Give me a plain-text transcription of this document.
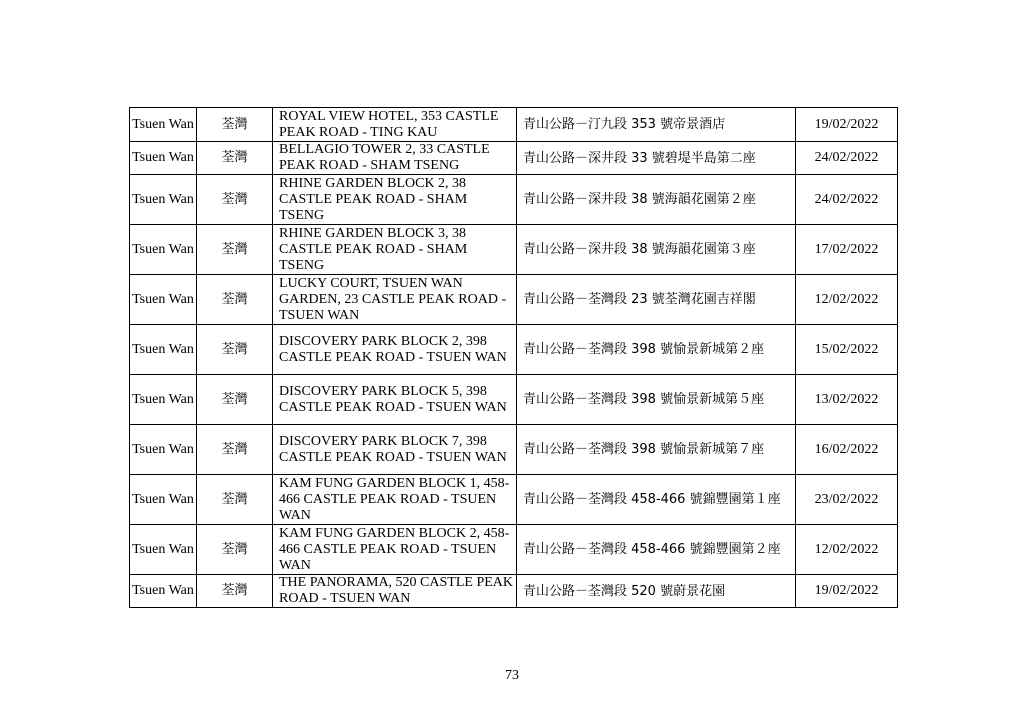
Tsuen Wan	荃灣	ROYAL VIEW HOTEL, 353 CASTLE PEAK ROAD - TING KAU	青山公路－汀九段 353 號帝景酒店	19/02/2022
Tsuen Wan	荃灣	BELLAGIO TOWER 2, 33 CASTLE PEAK ROAD - SHAM TSENG	青山公路－深井段 33 號碧堤半島第二座	24/02/2022
Tsuen Wan	荃灣	RHINE GARDEN BLOCK 2, 38 CASTLE PEAK ROAD - SHAM TSENG	青山公路－深井段 38 號海韻花園第２座	24/02/2022
Tsuen Wan	荃灣	RHINE GARDEN BLOCK 3, 38 CASTLE PEAK ROAD - SHAM TSENG	青山公路－深井段 38 號海韻花園第３座	17/02/2022
Tsuen Wan	荃灣	LUCKY COURT, TSUEN WAN GARDEN, 23 CASTLE PEAK ROAD - TSUEN WAN	青山公路－荃灣段 23 號荃灣花園吉祥閣	12/02/2022
Tsuen Wan	荃灣	DISCOVERY PARK BLOCK 2, 398 CASTLE PEAK ROAD - TSUEN WAN	青山公路－荃灣段 398 號愉景新城第２座	15/02/2022
Tsuen Wan	荃灣	DISCOVERY PARK BLOCK 5, 398 CASTLE PEAK ROAD - TSUEN WAN	青山公路－荃灣段 398 號愉景新城第５座	13/02/2022
Tsuen Wan	荃灣	DISCOVERY PARK BLOCK 7, 398 CASTLE PEAK ROAD - TSUEN WAN	青山公路－荃灣段 398 號愉景新城第７座	16/02/2022
Tsuen Wan	荃灣	KAM FUNG GARDEN BLOCK 1, 458-466 CASTLE PEAK ROAD - TSUEN WAN	青山公路－荃灣段 458-466 號錦豐園第１座	23/02/2022
Tsuen Wan	荃灣	KAM FUNG GARDEN BLOCK 2, 458-466 CASTLE PEAK ROAD - TSUEN WAN	青山公路－荃灣段 458-466 號錦豐園第２座	12/02/2022
Tsuen Wan	荃灣	THE PANORAMA, 520 CASTLE PEAK ROAD - TSUEN WAN	青山公路－荃灣段 520 號蔚景花園	19/02/2022
73
